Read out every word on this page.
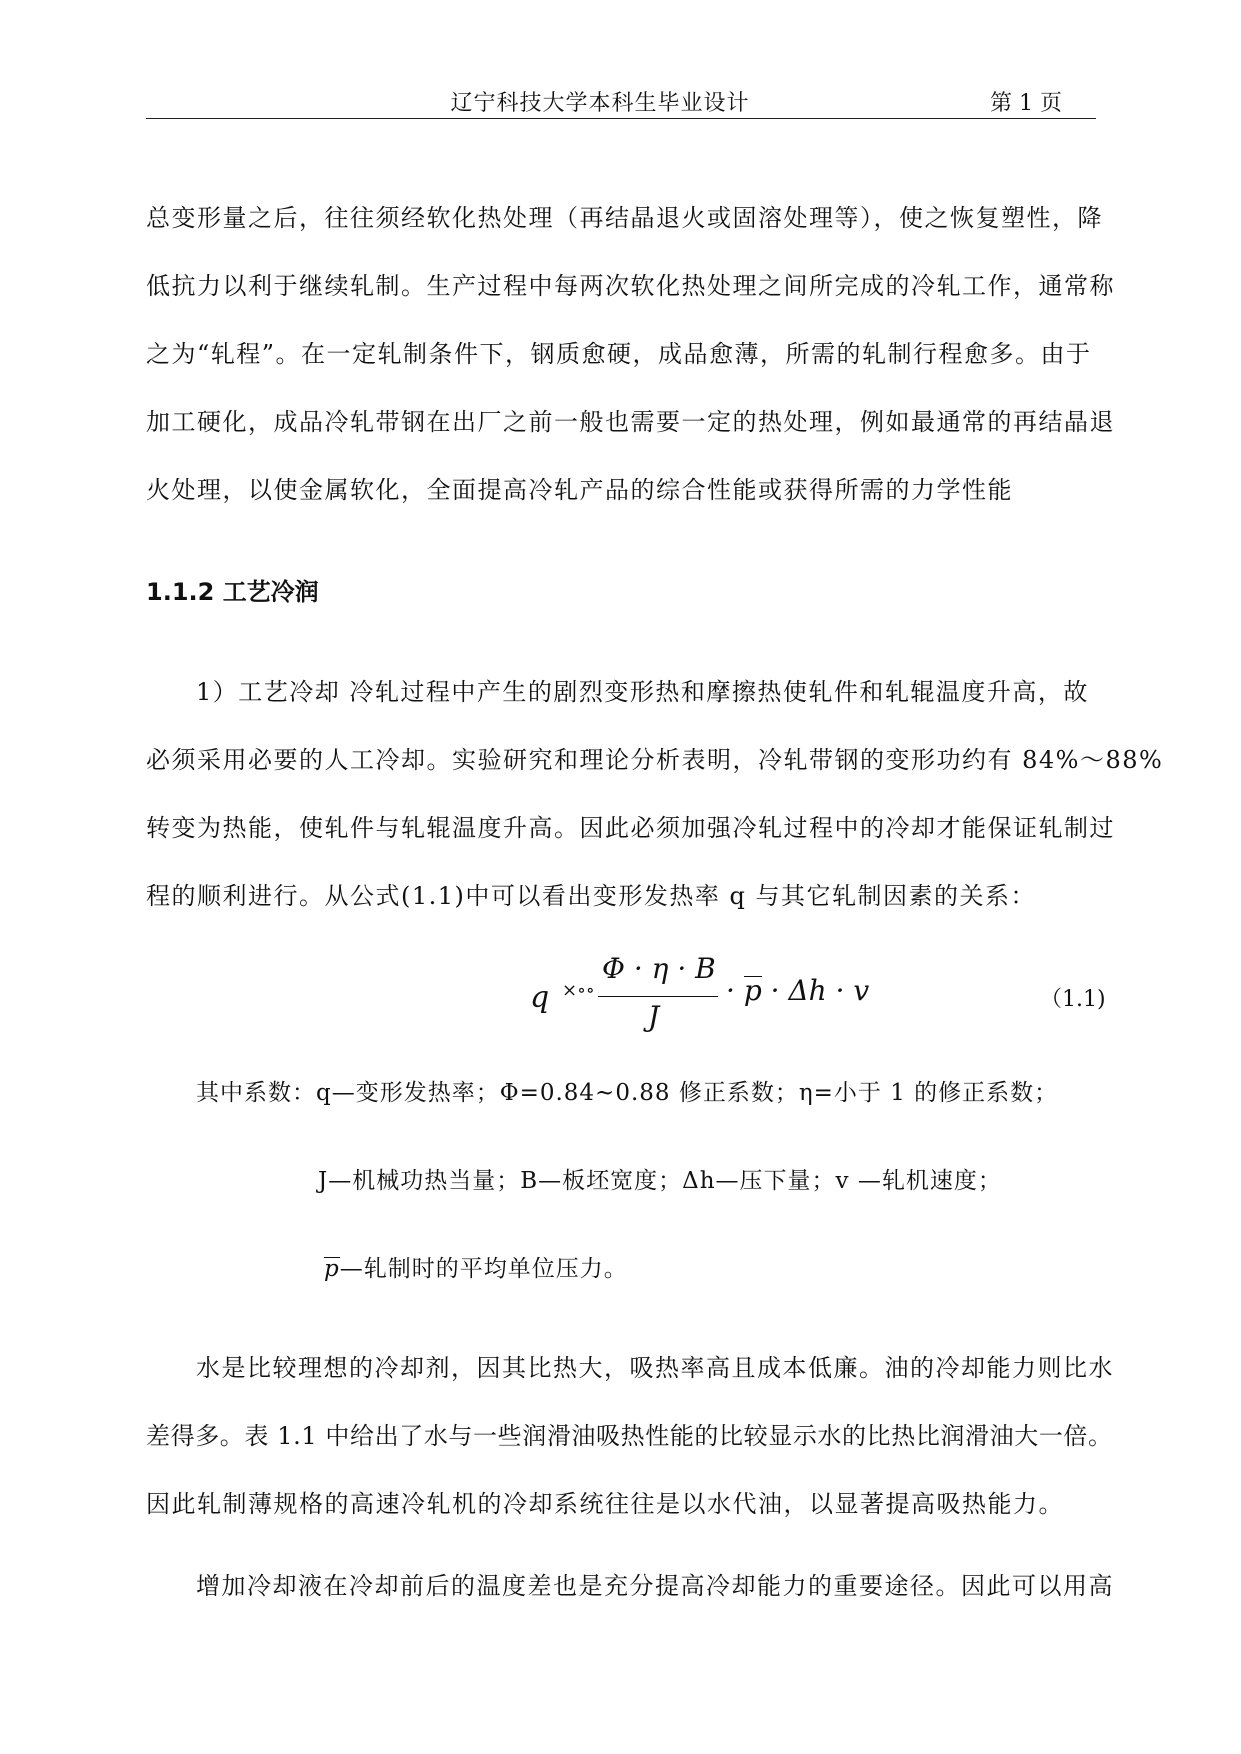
辽宁科技大学本科生毕业设计	第 1 页
总变形量之后，往往须经软化热处理（再结晶退火或固溶处理等），使之恢复塑性，降
低抗力以利于继续轧制。生产过程中每两次软化热处理之间所完成的冷轧工作，通常称
之为“轧程”。在一定轧制条件下，钢质愈硬，成品愈薄，所需的轧制行程愈多。由于
加工硬化，成品冷轧带钢在出厂之前一般也需要一定的热处理，例如最通常的再结晶退
火处理，以使金属软化，全面提高冷轧产品的综合性能或获得所需的力学性能
1.1.2 工艺冷润
1）工艺冷却 冷轧过程中产生的剧烈变形热和摩擦热使轧件和轧辊温度升高，故
必须采用必要的人工冷却。实验研究和理论分析表明，冷轧带钢的变形功约有 84%～88%
转变为热能，使轧件与轧辊温度升高。因此必须加强冷轧过程中的冷却才能保证轧制过
程的顺利进行。从公式(1.1)中可以看出变形发热率 q 与其它轧制因素的关系：
q ×∘∘
Φ · η · B
J
· p · Δh · v	（1.1)
其中系数：q—变形发热率；Φ=0.84~0.88 修正系数；η=小于 1 的修正系数；
J—机械功热当量；B—板坯宽度；Δh—压下量；v —轧机速度；
p—轧制时的平均单位压力。
水是比较理想的冷却剂，因其比热大，吸热率高且成本低廉。油的冷却能力则比水
差得多。表 1.1 中给出了水与一些润滑油吸热性能的比较显示水的比热比润滑油大一倍。
因此轧制薄规格的高速冷轧机的冷却系统往往是以水代油，以显著提高吸热能力。
增加冷却液在冷却前后的温度差也是充分提高冷却能力的重要途径。因此可以用高
